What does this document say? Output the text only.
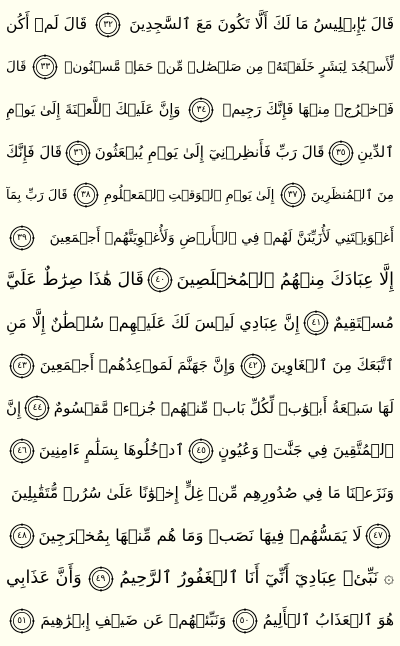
قَالَ يَٰٓإِبۡلِيسُ مَا لَكَ أَلَّا تَكُونَ مَعَ ٱلسَّٰجِدِينَ
٣٢
قَالَ لَمۡ أَكُن
لِّأَسۡجُدَ لِبَشَرٍ خَلَقۡتَهُۥ مِن صَلۡصَٰلٖ مِّنۡ حَمَإٖ مَّسۡنُونٖ
٣٣
قَالَ
فَٱخۡرُجۡ مِنۡهَا فَإِنَّكَ رَجِيمٞ
٣٤
وَإِنَّ عَلَيۡكَ ٱللَّعۡنَةَ إِلَىٰ يَوۡمِ
ٱلدِّينِ
٣٥
قَالَ رَبِّ فَأَنظِرۡنِيٓ إِلَىٰ يَوۡمِ يُبۡعَثُونَ
٣٦
قَالَ فَإِنَّكَ
مِنَ ٱلۡمُنظَرِينَ
٣٧
إِلَىٰ يَوۡمِ ٱلۡوَقۡتِ ٱلۡمَعۡلُومِ
٣٨
قَالَ رَبِّ بِمَآ
أَغۡوَيۡتَنِي لَأُزَيِّنَنَّ لَهُمۡ فِي ٱلۡأَرۡضِ وَلَأُغۡوِيَنَّهُمۡ أَجۡمَعِينَ
٣٩
إِلَّا عِبَادَكَ مِنۡهُمُ ٱلۡمُخۡلَصِينَ
٤٠
قَالَ هَٰذَا صِرَٰطٌ عَلَيَّ
مُسۡتَقِيمٌ
٤١
إِنَّ عِبَادِي لَيۡسَ لَكَ عَلَيۡهِمۡ سُلۡطَٰنٌ إِلَّا مَنِ
ٱتَّبَعَكَ مِنَ ٱلۡغَاوِينَ
٤٢
وَإِنَّ جَهَنَّمَ لَمَوۡعِدُهُمۡ أَجۡمَعِينَ
٤٣
لَهَا سَبۡعَةُ أَبۡوَٰبٖ لِّكُلِّ بَابٖ مِّنۡهُمۡ جُزۡءٞ مَّقۡسُومٌ
٤٤
إِنَّ
ٱلۡمُتَّقِينَ فِي جَنَّٰتٖ وَعُيُونٍ
٤٥
ٱدۡخُلُوهَا بِسَلَٰمٍ ءَامِنِينَ
٤٦
وَنَزَعۡنَا مَا فِي صُدُورِهِم مِّنۡ غِلٍّ إِخۡوَٰنًا عَلَىٰ سُرُرٖ مُّتَقَٰبِلِينَ
٤٧
لَا يَمَسُّهُمۡ فِيهَا نَصَبٞ وَمَا هُم مِّنۡهَا بِمُخۡرَجِينَ
٤٨
۞ نَبِّئۡ عِبَادِيٓ أَنِّيٓ أَنَا ٱلۡغَفُورُ ٱلرَّحِيمُ
٤٩
وَأَنَّ عَذَابِي
هُوَ ٱلۡعَذَابُ ٱلۡأَلِيمُ
٥٠
وَنَبِّئۡهُمۡ عَن ضَيۡفِ إِبۡرَٰهِيمَ
٥١
